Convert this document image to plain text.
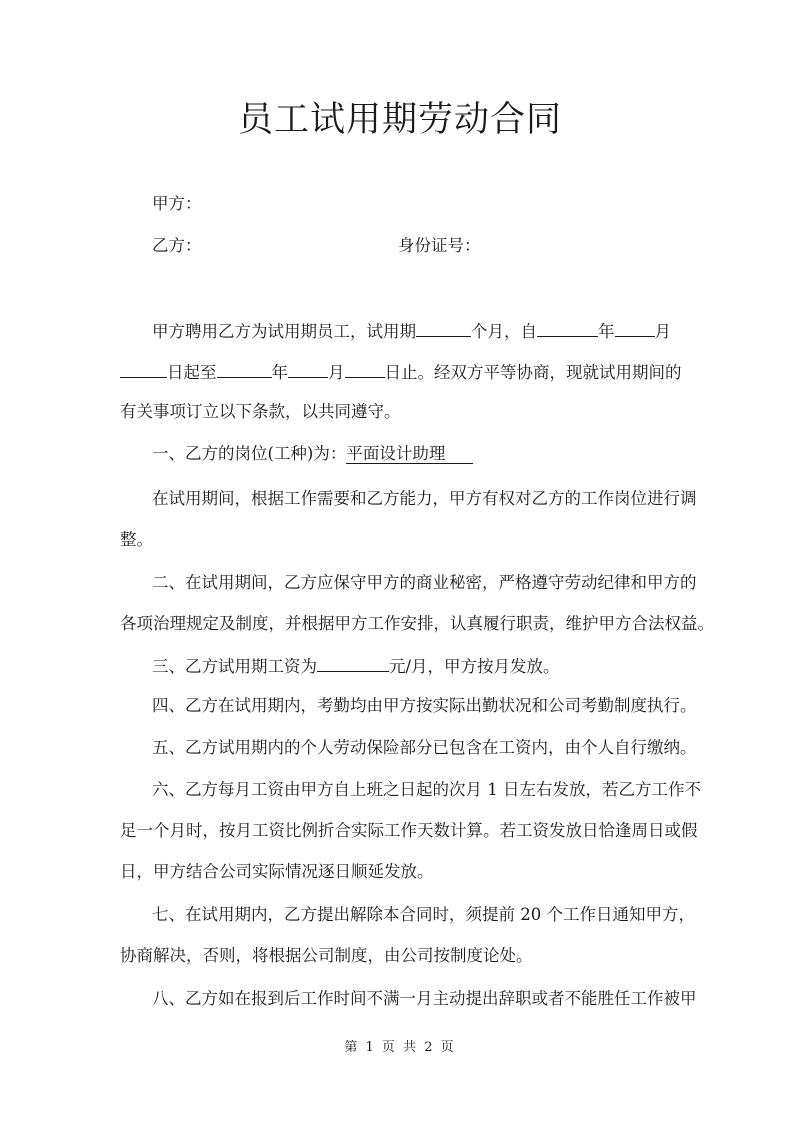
员工试用期劳动合同
甲方：
乙方：	身份证号：
甲方聘用乙方为试用期员工，试用期	个月，自	年 月
日起至	年 月 日止。经双方平等协商，现就试用期间的
有关事项订立以下条款，以共同遵守。
一、乙方的岗位(工种)为：平面设计助理
在试用期间，根据工作需要和乙方能力，甲方有权对乙方的工作岗位进行调
整。
二、在试用期间，乙方应保守甲方的商业秘密，严格遵守劳动纪律和甲方的
各项治理规定及制度，并根据甲方工作安排，认真履行职责，维护甲方合法权益。
三、乙方试用期工资为	元/月，甲方按月发放。
四、乙方在试用期内，考勤均由甲方按实际出勤状况和公司考勤制度执行。
五、乙方试用期内的个人劳动保险部分已包含在工资内，由个人自行缴纳。
六、乙方每月工资由甲方自上班之日起的次月 1 日左右发放，若乙方工作不
足一个月时，按月工资比例折合实际工作天数计算。若工资发放日恰逢周日或假
日，甲方结合公司实际情况逐日顺延发放。
七、在试用期内，乙方提出解除本合同时，须提前 20 个工作日通知甲方，
协商解决，否则，将根据公司制度，由公司按制度论处。
八、乙方如在报到后工作时间不满一月主动提出辞职或者不能胜任工作被甲
第 1 页 共 2 页
